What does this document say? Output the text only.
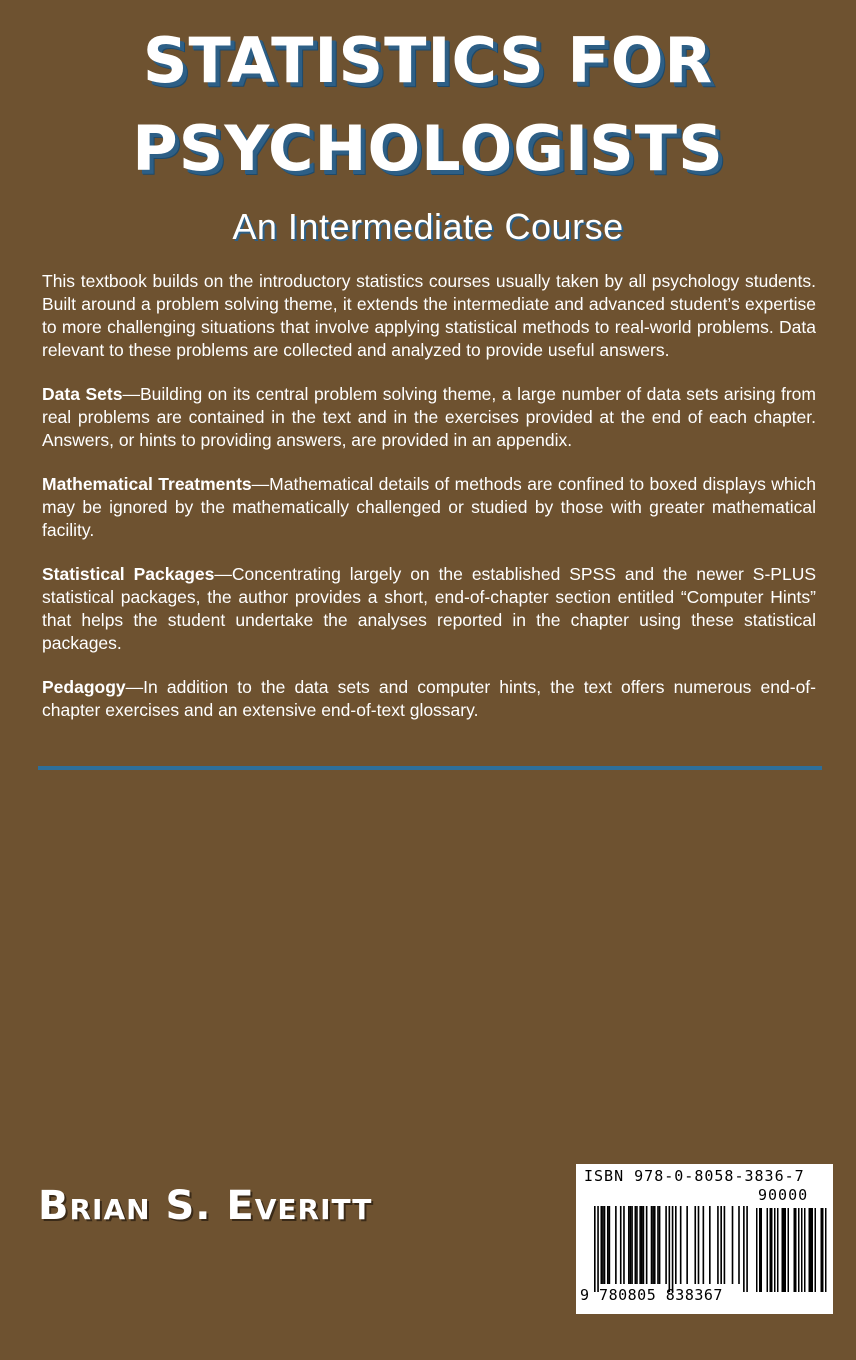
STATISTICS FOR
PSYCHOLOGISTS
An Intermediate Course

This textbook builds on the introductory statistics courses usually taken by all psychology students. Built around a problem solving theme, it extends the intermediate and advanced student’s expertise to more challenging situations that involve applying statistical methods to real-world problems. Data relevant to these problems are collected and analyzed to provide useful answers.

Data Sets—Building on its central problem solving theme, a large number of data sets arising from real problems are contained in the text and in the exercises provided at the end of each chapter. Answers, or hints to providing answers, are provided in an appendix.

Mathematical Treatments—Mathematical details of methods are confined to boxed displays which may be ignored by the mathematically challenged or studied by those with greater mathematical facility.

Statistical Packages—Concentrating largely on the established SPSS and the newer S-PLUS statistical packages, the author provides a short, end-of-chapter section entitled “Computer Hints” that helps the student undertake the analyses reported in the chapter using these statistical packages.

Pedagogy—In addition to the data sets and computer hints, the text offers numerous end-of-chapter exercises and an extensive end-of-text glossary.

Brian S. Everitt
ISBN 978-0-8058-3836-7
90000
9 780805 838367
